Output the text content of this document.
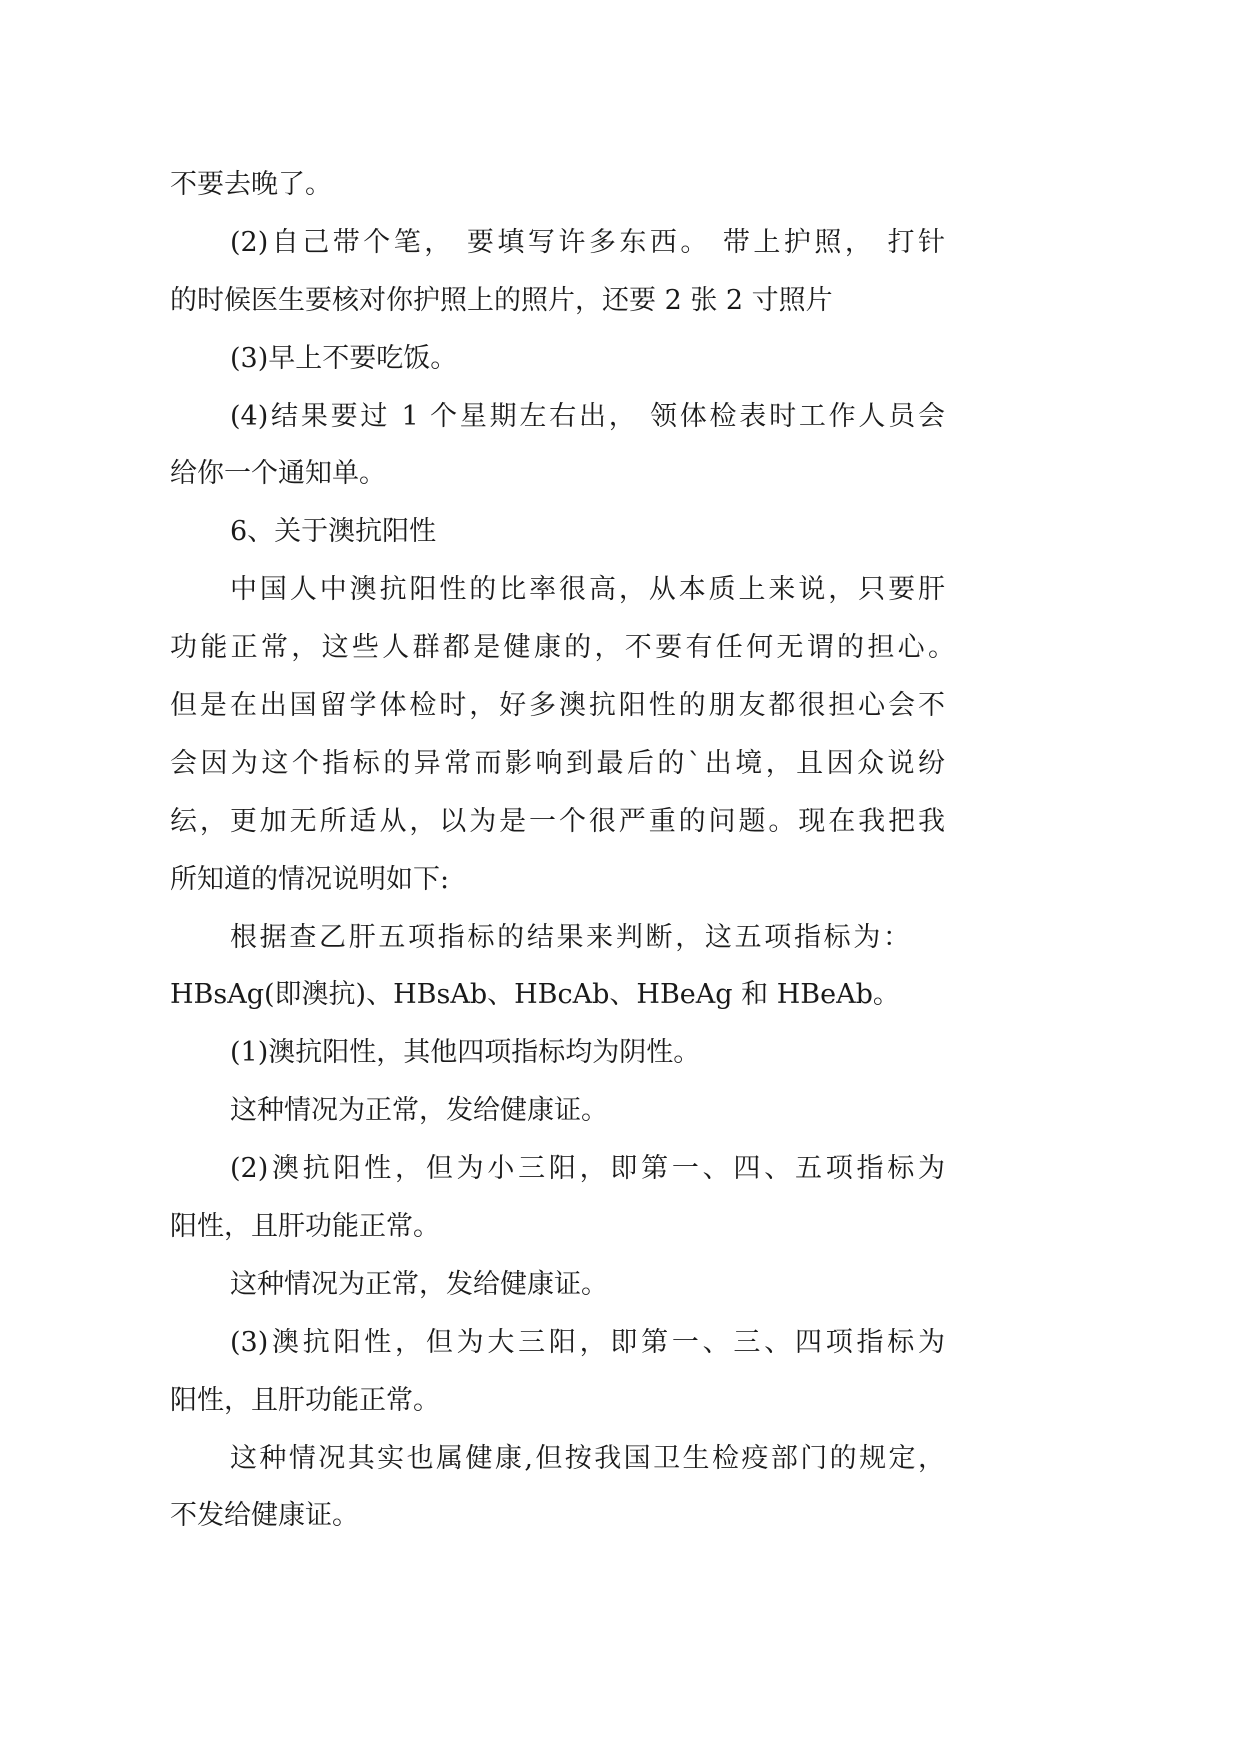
不要去晚了。
(2)自己带个笔， 要填写许多东西。 带上护照， 打针
的时候医生要核对你护照上的照片，还要 2 张 2 寸照片
(3)早上不要吃饭。
(4)结果要过 1 个星期左右出， 领体检表时工作人员会
给你一个通知单。
6、关于澳抗阳性
中国人中澳抗阳性的比率很高，从本质上来说，只要肝
功能正常，这些人群都是健康的，不要有任何无谓的担心。
但是在出国留学体检时，好多澳抗阳性的朋友都很担心会不
会因为这个指标的异常而影响到最后的`出境，且因众说纷
纭，更加无所适从，以为是一个很严重的问题。现在我把我
所知道的情况说明如下:
根据查乙肝五项指标的结果来判断，这五项指标为：
HBsAg(即澳抗)、HBsAb、HBcAb、HBeAg 和 HBeAb。
(1)澳抗阳性，其他四项指标均为阴性。
这种情况为正常，发给健康证。
(2)澳抗阳性，但为小三阳，即第一、四、五项指标为
阳性，且肝功能正常。
这种情况为正常，发给健康证。
(3)澳抗阳性，但为大三阳，即第一、三、四项指标为
阳性，且肝功能正常。
这种情况其实也属健康,但按我国卫生检疫部门的规定，
不发给健康证。
